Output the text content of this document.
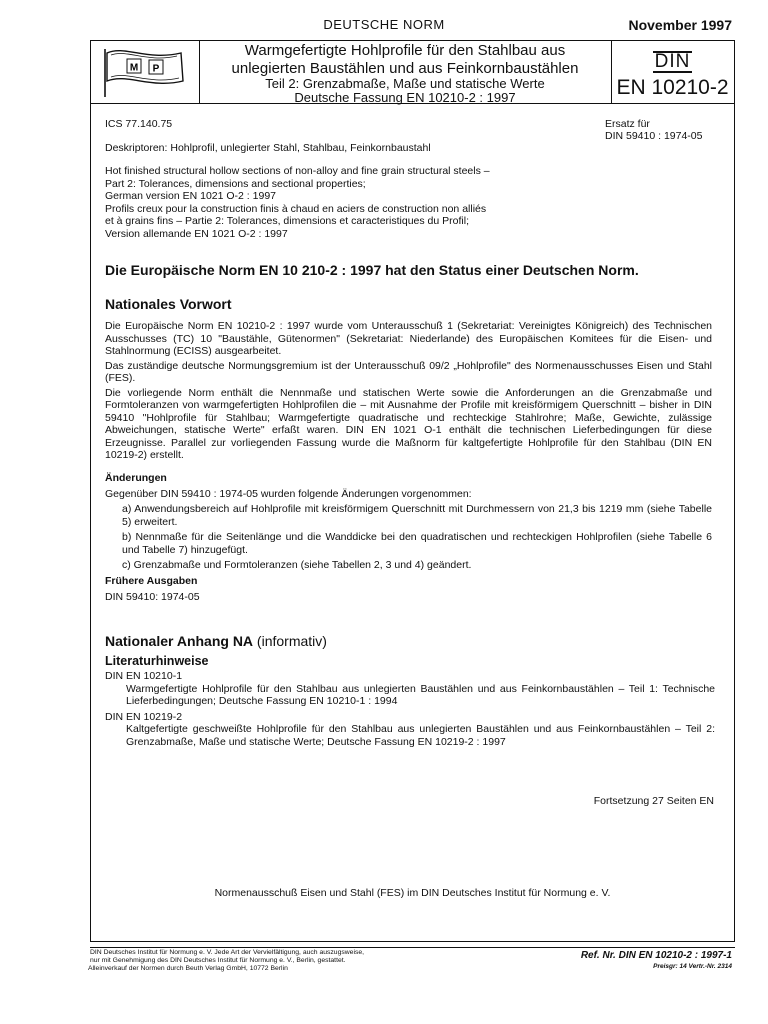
DEUTSCHE NORM	November 1997
M P
Warmgefertigte Hohlprofile für den Stahlbau aus
unlegierten Baustählen und aus Feinkornbaustählen
Teil 2: Grenzabmaße, Maße und statische Werte
Deutsche Fassung EN 10210-2 : 1997
DIN
EN 10210-2
ICS 77.140.75	Ersatz für
DIN 59410 : 1974-05
Deskriptoren: Hohlprofil, unlegierter Stahl, Stahlbau, Feinkornbaustahl
Hot finished structural hollow sections of non-alloy and fine grain structural steels –
Part 2: Tolerances, dimensions and sectional properties;
German version EN 1021 O-2 : 1997
Profils creux pour la construction finis à chaud en aciers de construction non alliés
et à grains fins – Partie 2: Tolerances, dimensions et caracteristiques du Profil;
Version allemande EN 1021 O-2 : 1997
Die Europäische Norm EN 10 210-2 : 1997 hat den Status einer Deutschen Norm.
Nationales Vorwort

Die Europäische Norm EN 10210-2 : 1997 wurde vom Unterausschuß 1 (Sekretariat: Vereinigtes Königreich) des Technischen Ausschusses (TC) 10 "Baustähle, Gütenormen" (Sekretariat: Niederlande) des Europäischen Komitees für die Eisen- und Stahlnormung (ECISS) ausgearbeitet.

Das zuständige deutsche Normungsgremium ist der Unterausschuß 09/2 „Hohlprofile" des Normenausschusses Eisen und Stahl (FES).

Die vorliegende Norm enthält die Nennmaße und statischen Werte sowie die Anforderungen an die Grenzabmaße und Formtoleranzen von warmgefertigten Hohlprofilen die – mit Ausnahme der Profile mit kreisförmigem Querschnitt – bisher in DIN 59410 "Hohlprofile für Stahlbau; Warmgefertigte quadratische und rechteckige Stahlrohre; Maße, Gewichte, zulässige Abweichungen, statische Werte" erfaßt waren. DIN EN 1021 O-1 enthält die technischen Lieferbedingungen für diese Erzeugnisse. Parallel zur vorliegenden Fassung wurde die Maßnorm für kaltgefertigte Hohlprofile für den Stahlbau (DIN EN 10219-2) erstellt.

Änderungen
Gegenüber DIN 59410 : 1974-05 wurden folgende Änderungen vorgenommen:
a) Anwendungsbereich auf Hohlprofile mit kreisförmigem Querschnitt mit Durchmessern von 21,3 bis 1219 mm (siehe Tabelle 5) erweitert.
b) Nennmaße für die Seitenlänge und die Wanddicke bei den quadratischen und rechteckigen Hohlprofilen (siehe Tabelle 6 und Tabelle 7) hinzugefügt.
c) Grenzabmaße und Formtoleranzen (siehe Tabellen 2, 3 und 4) geändert.
Frühere Ausgaben
DIN 59410: 1974-05
Nationaler Anhang NA (informativ)
Literaturhinweise
DIN EN 10210-1
Warmgefertigte Hohlprofile für den Stahlbau aus unlegierten Baustählen und aus Feinkornbaustählen – Teil 1: Technische Lieferbedingungen; Deutsche Fassung EN 10210-1 : 1994
DIN EN 10219-2
Kaltgefertigte geschweißte Hohlprofile für den Stahlbau aus unlegierten Baustählen und aus Feinkornbaustählen – Teil 2: Grenzabmaße, Maße und statische Werte; Deutsche Fassung EN 10219-2 : 1997
Fortsetzung 27 Seiten EN
Normenausschuß Eisen und Stahl (FES) im DIN Deutsches Institut für Normung e. V.
DIN Deutsches Institut für Normung e. V. Jede Art der Vervielfältigung, auch auszugsweise,
nur mit Genehmigung des DIN Deutsches Institut für Normung e. V., Berlin, gestattet.
Alleinverkauf der Normen durch Beuth Verlag GmbH, 10772 Berlin
Ref. Nr. DIN EN 10210-2 : 1997-1
Preisgr: 14 Vertr.-Nr. 2314
